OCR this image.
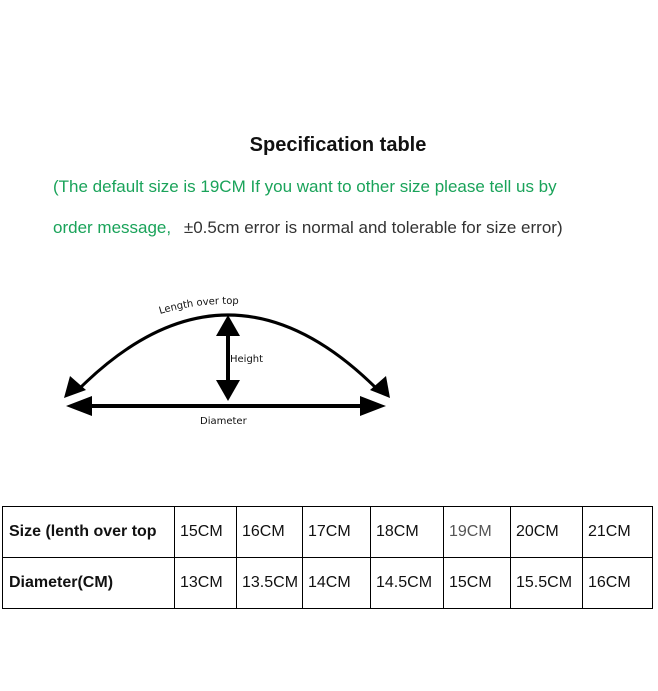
Specification table
(The default size is 19CM If you want to other size please tell us by
order message, ±0.5cm error is normal and tolerable for size error)
Length over top
Height
Diameter
Size (lenth over top	15CM	16CM	17CM	18CM	19CM	20CM	21CM
Diameter(CM)	13CM	13.5CM	14CM	14.5CM	15CM	15.5CM	16CM
